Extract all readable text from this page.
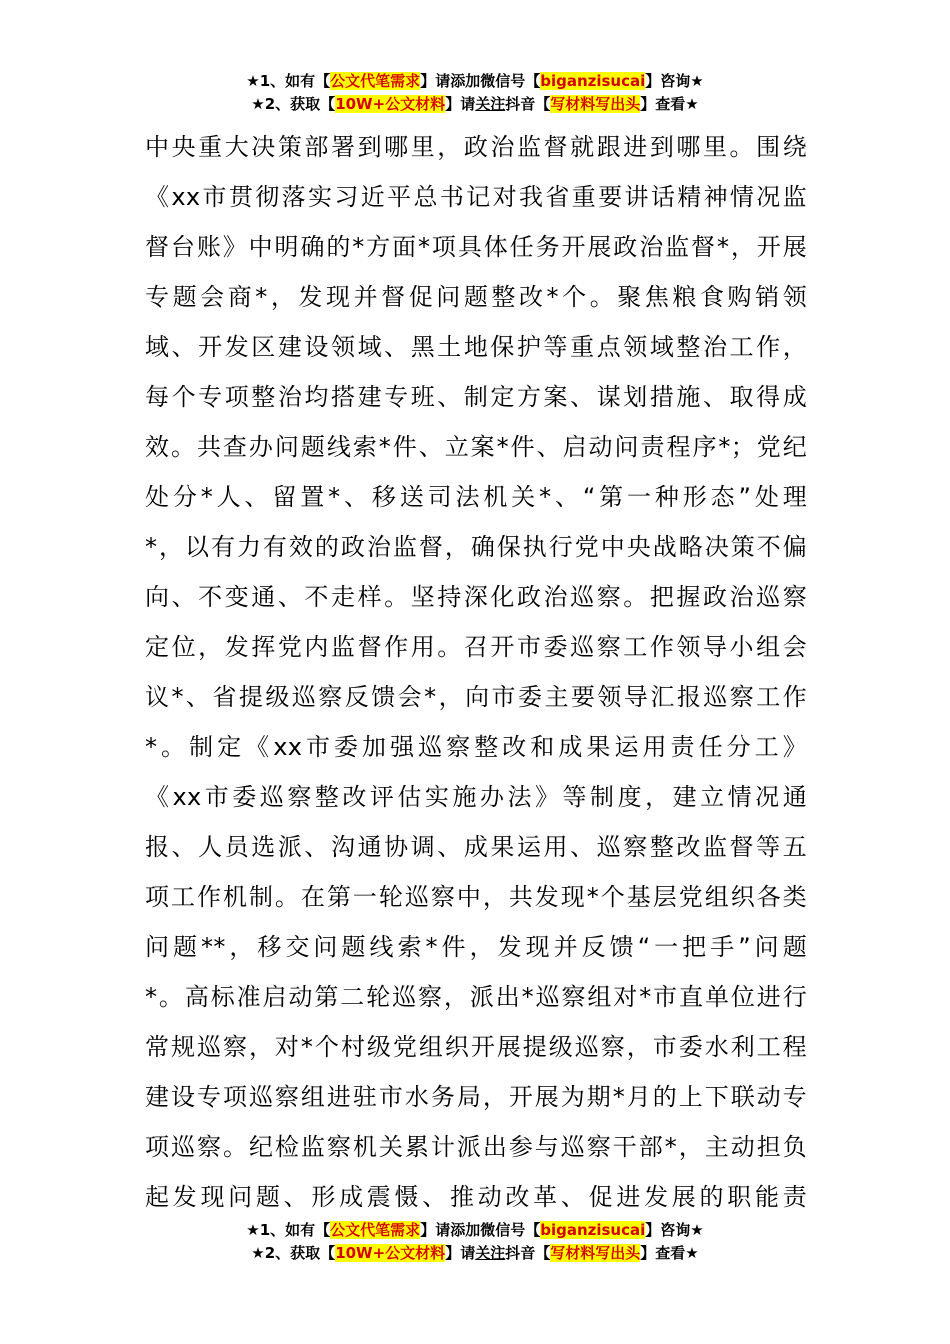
★1、如有【公文代笔需求】请添加微信号【biganzisucai】咨询★
★2、获取【10W+公文材料】请关注抖音【写材料写出头】查看★
中央重大决策部署到哪里，政治监督就跟进到哪里。围绕
《xx市贯彻落实习近平总书记对我省重要讲话精神情况监
督台账》中明确的*方面*项具体任务开展政治监督*，开展
专题会商*，发现并督促问题整改*个。聚焦粮食购销领
域、开发区建设领域、黑土地保护等重点领域整治工作，
每个专项整治均搭建专班、制定方案、谋划措施、取得成
效。共查办问题线索*件、立案*件、启动问责程序*；党纪
处分*人、留置*、移送司法机关*、“第一种形态”处理
*，以有力有效的政治监督，确保执行党中央战略决策不偏
向、不变通、不走样。坚持深化政治巡察。把握政治巡察
定位，发挥党内监督作用。召开市委巡察工作领导小组会
议*、省提级巡察反馈会*，向市委主要领导汇报巡察工作
*。制定《xx市委加强巡察整改和成果运用责任分工》
《xx市委巡察整改评估实施办法》等制度，建立情况通
报、人员选派、沟通协调、成果运用、巡察整改监督等五
项工作机制。在第一轮巡察中，共发现*个基层党组织各类
问题**，移交问题线索*件，发现并反馈“一把手”问题
*。高标准启动第二轮巡察，派出*巡察组对*市直单位进行
常规巡察，对*个村级党组织开展提级巡察，市委水利工程
建设专项巡察组进驻市水务局，开展为期*月的上下联动专
项巡察。纪检监察机关累计派出参与巡察干部*，主动担负
起发现问题、形成震慑、推动改革、促进发展的职能责
★1、如有【公文代笔需求】请添加微信号【biganzisucai】咨询★
★2、获取【10W+公文材料】请关注抖音【写材料写出头】查看★
